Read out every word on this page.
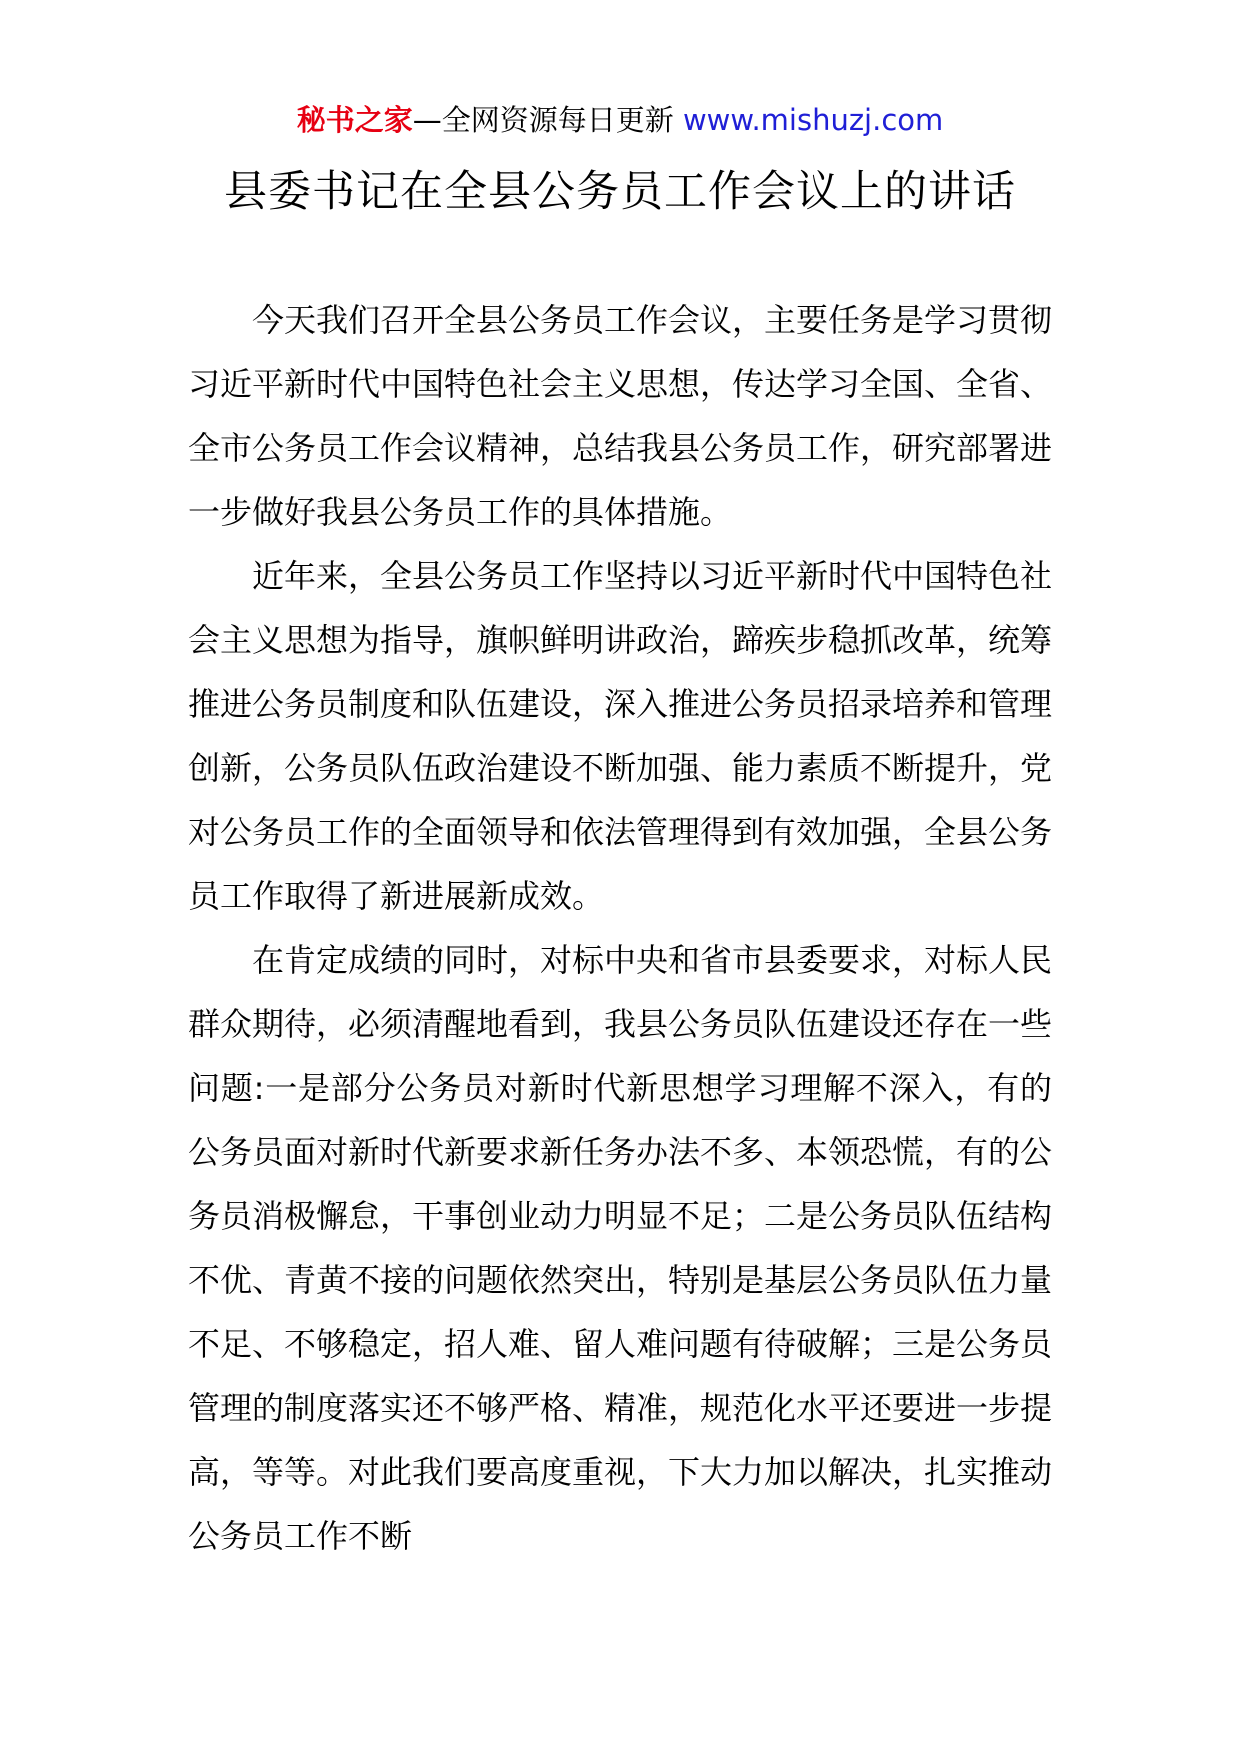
秘书之家—全网资源每日更新 www.mishuzj.com
县委书记在全县公务员工作会议上的讲话

今天我们召开全县公务员工作会议，主要任务是学习贯彻习近平新时代中国特色社会主义思想，传达学习全国、全省、全市公务员工作会议精神，总结我县公务员工作，研究部署进一步做好我县公务员工作的具体措施。

近年来，全县公务员工作坚持以习近平新时代中国特色社会主义思想为指导，旗帜鲜明讲政治，蹄疾步稳抓改革，统筹推进公务员制度和队伍建设，深入推进公务员招录培养和管理创新，公务员队伍政治建设不断加强、能力素质不断提升，党对公务员工作的全面领导和依法管理得到有效加强，全县公务员工作取得了新进展新成效。

在肯定成绩的同时，对标中央和省市县委要求，对标人民群众期待，必须清醒地看到，我县公务员队伍建设还存在一些问题:一是部分公务员对新时代新思想学习理解不深入，有的公务员面对新时代新要求新任务办法不多、本领恐慌，有的公务员消极懈怠，干事创业动力明显不足；二是公务员队伍结构不优、青黄不接的问题依然突出，特别是基层公务员队伍力量不足、不够稳定，招人难、留人难问题有待破解；三是公务员管理的制度落实还不够严格、精准，规范化水平还要进一步提高，等等。对此我们要高度重视，下大力加以解决，扎实推动公务员工作不断
